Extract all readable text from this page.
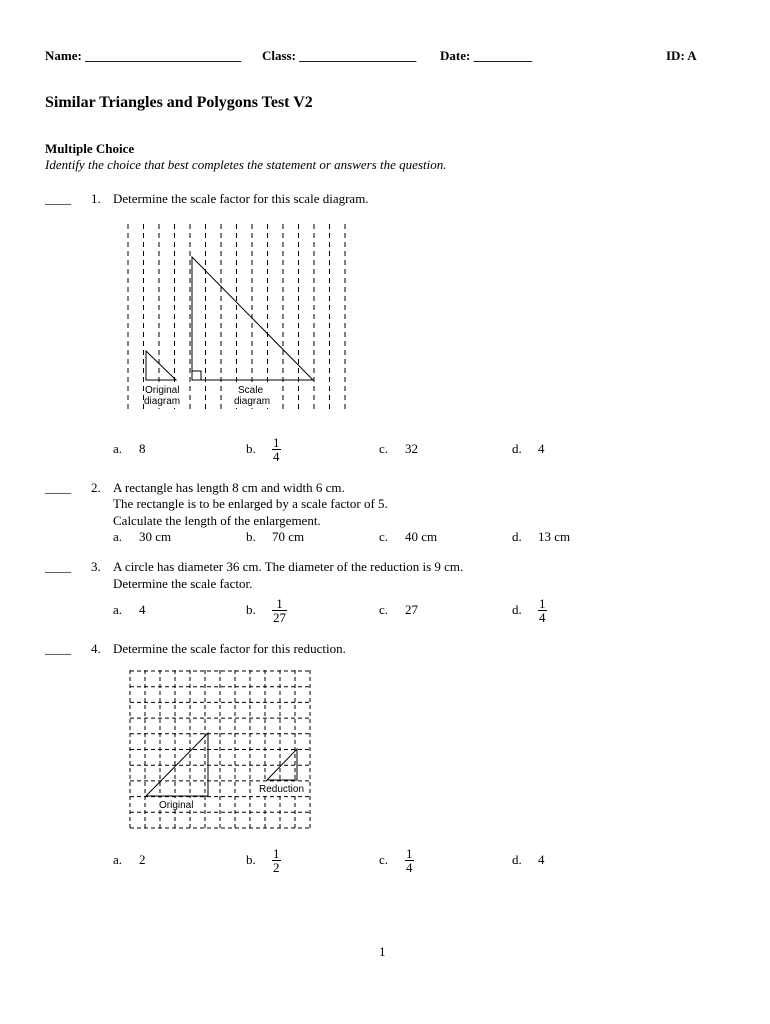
Name: ________________________ Class: __________________ Date: _________	ID: A
Similar Triangles and Polygons Test V2
Multiple Choice
Identify the choice that best completes the statement or answers the question.
____ 1. Determine the scale factor for this scale diagram.
Original
diagram
Scale
diagram
a.	8	b.	$\frac{1}{4}$	c.	32	d.	4
____ 2. A rectangle has length 8 cm and width 6 cm.
The rectangle is to be enlarged by a scale factor of 5.
Calculate the length of the enlargement.
a.	30 cm	b.	70 cm	c.	40 cm	d.	13 cm
____ 3. A circle has diameter 36 cm. The diameter of the reduction is 9 cm.
Determine the scale factor.
a.	4	b.	$\frac{1}{27}$	c.	27	d.	$\frac{1}{4}$
____ 4. Determine the scale factor for this reduction.
Original
Reduction
a.	2	b.	$\frac{1}{2}$	c.	$\frac{1}{4}$	d.	4
1
